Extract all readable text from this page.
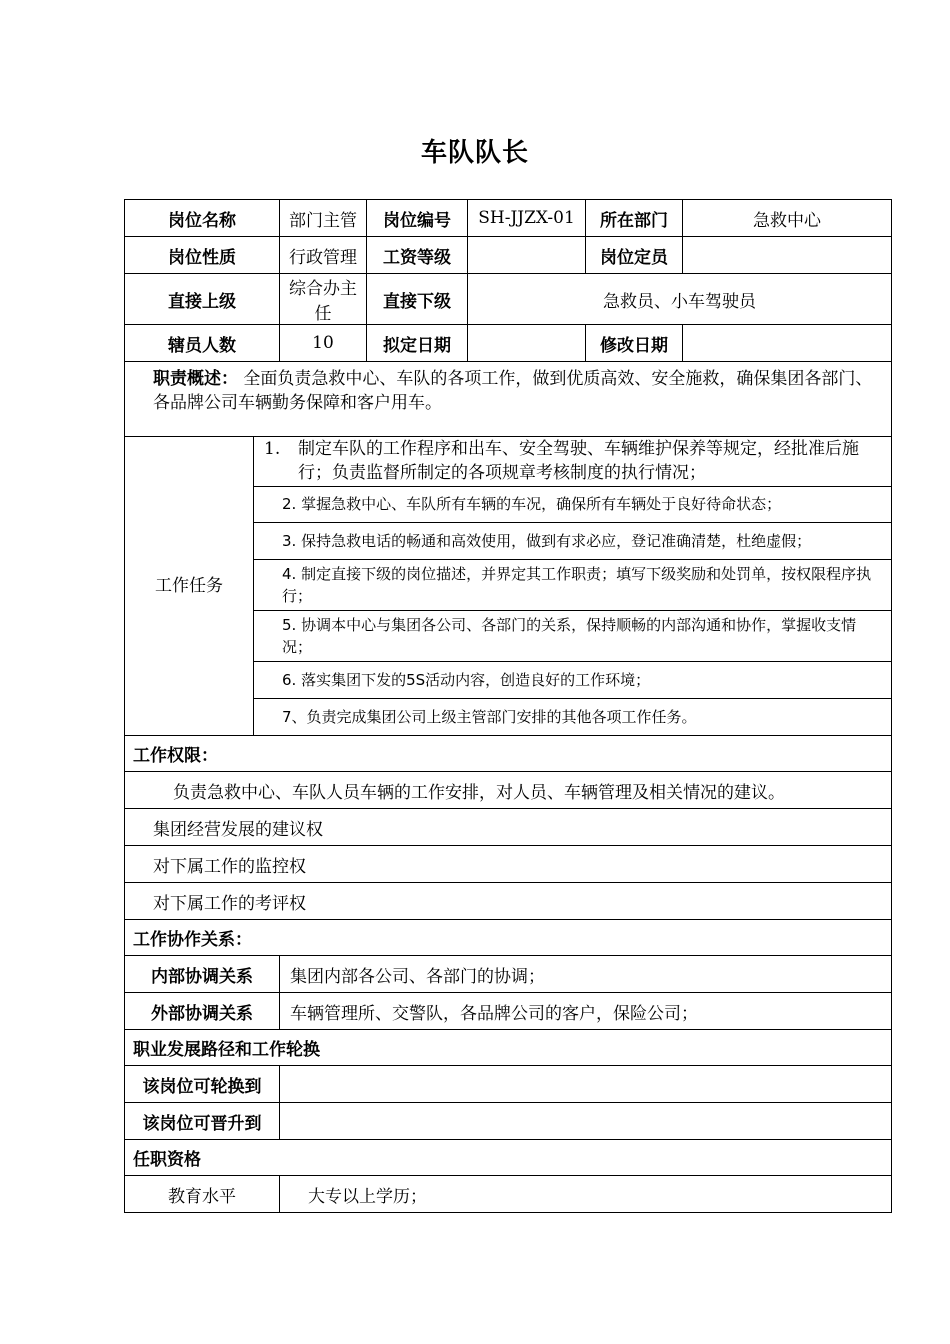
车队队长
岗位名称	部门主管	岗位编号	SH-JJZX-01	所在部门	急救中心
岗位性质	行政管理	工资等级		岗位定员	
直接上级	综合办主任	直接下级	急救员、小车驾驶员
辖员人数	10	拟定日期		修改日期	
职责概述： 全面负责急救中心、车队的各项工作，做到优质高效、安全施救，确保集团各部门、各品牌公司车辆勤务保障和客户用车。
工作任务	
1. 制定车队的工作程序和出车、安全驾驶、车辆维护保养等规定，经批准后施
行；负责监督所制定的各项规章考核制度的执行情况；

2. 掌握急救中心、车队所有车辆的车况，确保所有车辆处于良好待命状态；
3. 保持急救电话的畅通和高效使用，做到有求必应，登记准确清楚，杜绝虚假；
4. 制定直接下级的岗位描述，并界定其工作职责；填写下级奖励和处罚单，按权限程序执行；
5. 协调本中心与集团各公司、各部门的关系，保持顺畅的内部沟通和协作，掌握收支情况；
6. 落实集团下发的5S活动内容，创造良好的工作环境；
7、负责完成集团公司上级主管部门安排的其他各项工作任务。

工作权限：
负责急救中心、车队人员车辆的工作安排，对人员、车辆管理及相关情况的建议。
集团经营发展的建议权
对下属工作的监控权
对下属工作的考评权
工作协作关系：
内部协调关系	集团内部各公司、各部门的协调；
外部协调关系	车辆管理所、交警队，各品牌公司的客户，保险公司；
职业发展路径和工作轮换
该岗位可轮换到	
该岗位可晋升到	
任职资格
教育水平	大专以上学历；
